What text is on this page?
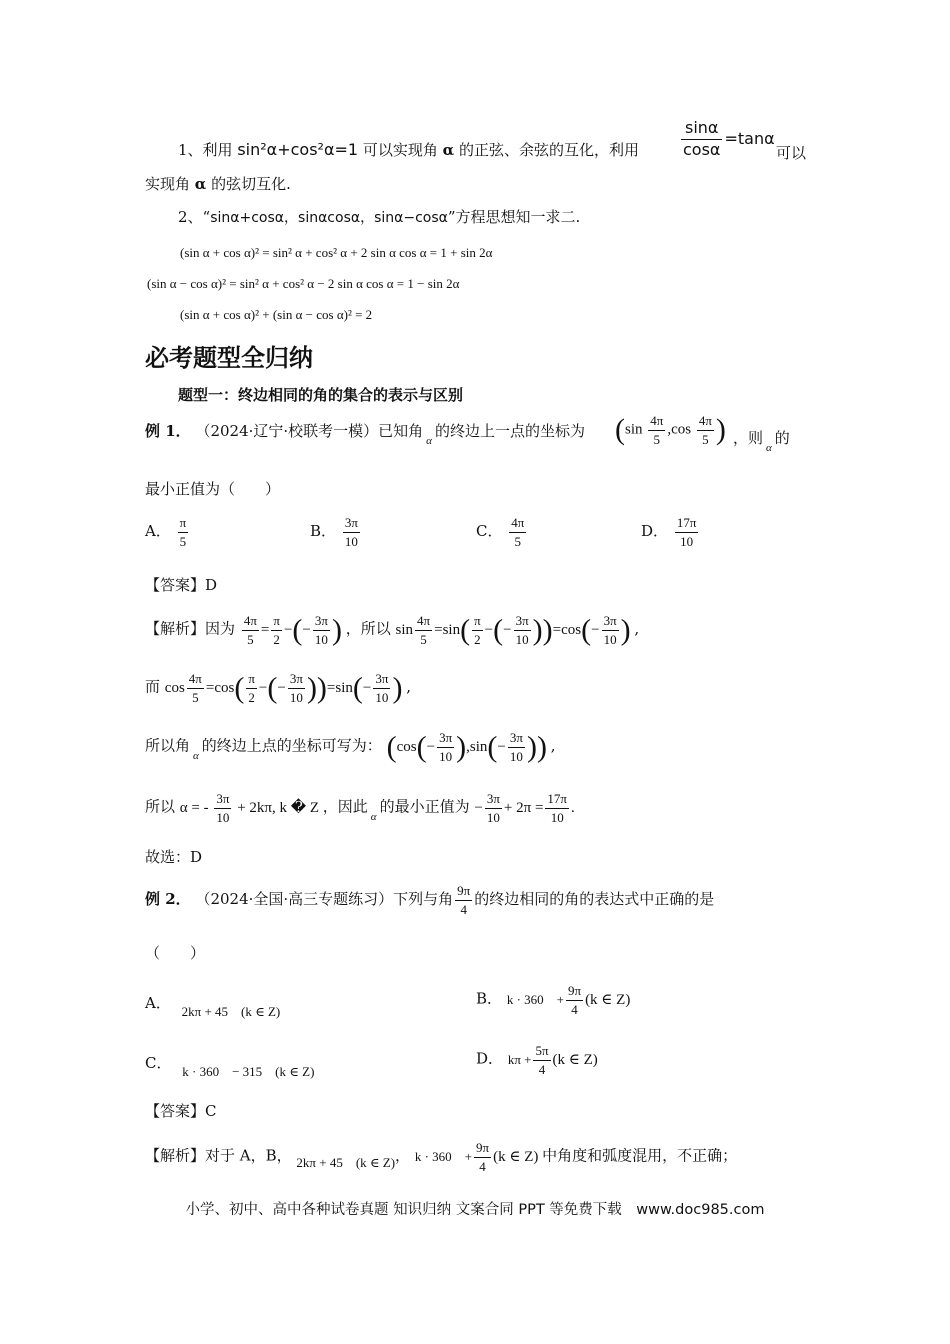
1、利用 sin²α+cos²α=1 可以实现角 α 的正弦、余弦的互化，利用	$\frac{\sin\alpha}{\cos\alpha} =\tan\alpha$
可以
实现角 α 的弦切互化.
2、“sinα+cosα，sinαcosα，sinα−cosα”方程思想知一求二.
(sin α + cos α)² = sin² α + cos² α + 2 sin α cos α = 1 + sin 2α
(sin α − cos α)² = sin² α + cos² α − 2 sin α cos α = 1 − sin 2α
(sin α + cos α)² + (sin α − cos α)² = 2
必考题型全归纳
题型一：终边相同的角的集合的表示与区别
例 1． （2024·辽宁·校联考一模）已知角$_\alpha$的终边上一点的坐标为 ($\sin \frac{4\pi}{5} ,\cos \frac{4\pi}{5}$ ) ，则$_\alpha$的
最小正值为（　　）
A． $\frac{\pi}{5}$	B． $\frac{3\pi}{10}$	C． $\frac{4\pi}{5}$	D． $\frac{17\pi}{10}$
【答案】D
【解析】因为 $\frac{4\pi}{5} = \frac{\pi}{2}$ −(− $\frac{3\pi}{10}$ ) ，所以 $\sin \frac{4\pi}{5} =\sin( \frac{\pi}{2}$ −(− $\frac{3\pi}{10} ))=\cos(- \frac{3\pi}{10}$ ) ,
而 $\cos \frac{4\pi}{5} =\cos( \frac{\pi}{2}$ −(− $\frac{3\pi}{10} ))=\sin(- \frac{3\pi}{10}$ ) ,
所以角$_\alpha$的终边上点的坐标可写为： ($\cos(- \frac{3\pi}{10} ),\sin(- \frac{3\pi}{10}$ )) ,
所以 α = - $\frac{3\pi}{10} + 2k\pi$, k � Z ，因此$_\alpha$的最小正值为 − $\frac{3\pi}{10} + 2\pi = \frac{17\pi}{10}$ .
故选：D
例 2． （2024·全国·高三专题练习）下列与角 $\frac{9\pi}{4}$ 的终边相同的角的表达式中正确的是
（　　）
A． 2kπ + 45　(k ∈ Z)
B． k · 360　+ $\frac{9\pi}{4} (k$ ∈ Z)
C． k · 360　− 315　(k ∈ Z)
D． $k\pi + \frac{5\pi}{4} (k$ ∈ Z)
【答案】C
【解析】对于 A，B， 2kπ + 45　(k ∈ Z)， k · 360　+ $\frac{9\pi}{4} (k$ ∈ Z) 中角度和弧度混用，不正确；
小学、初中、高中各种试卷真题 知识归纳 文案合同 PPT 等免费下载　www.doc985.com
